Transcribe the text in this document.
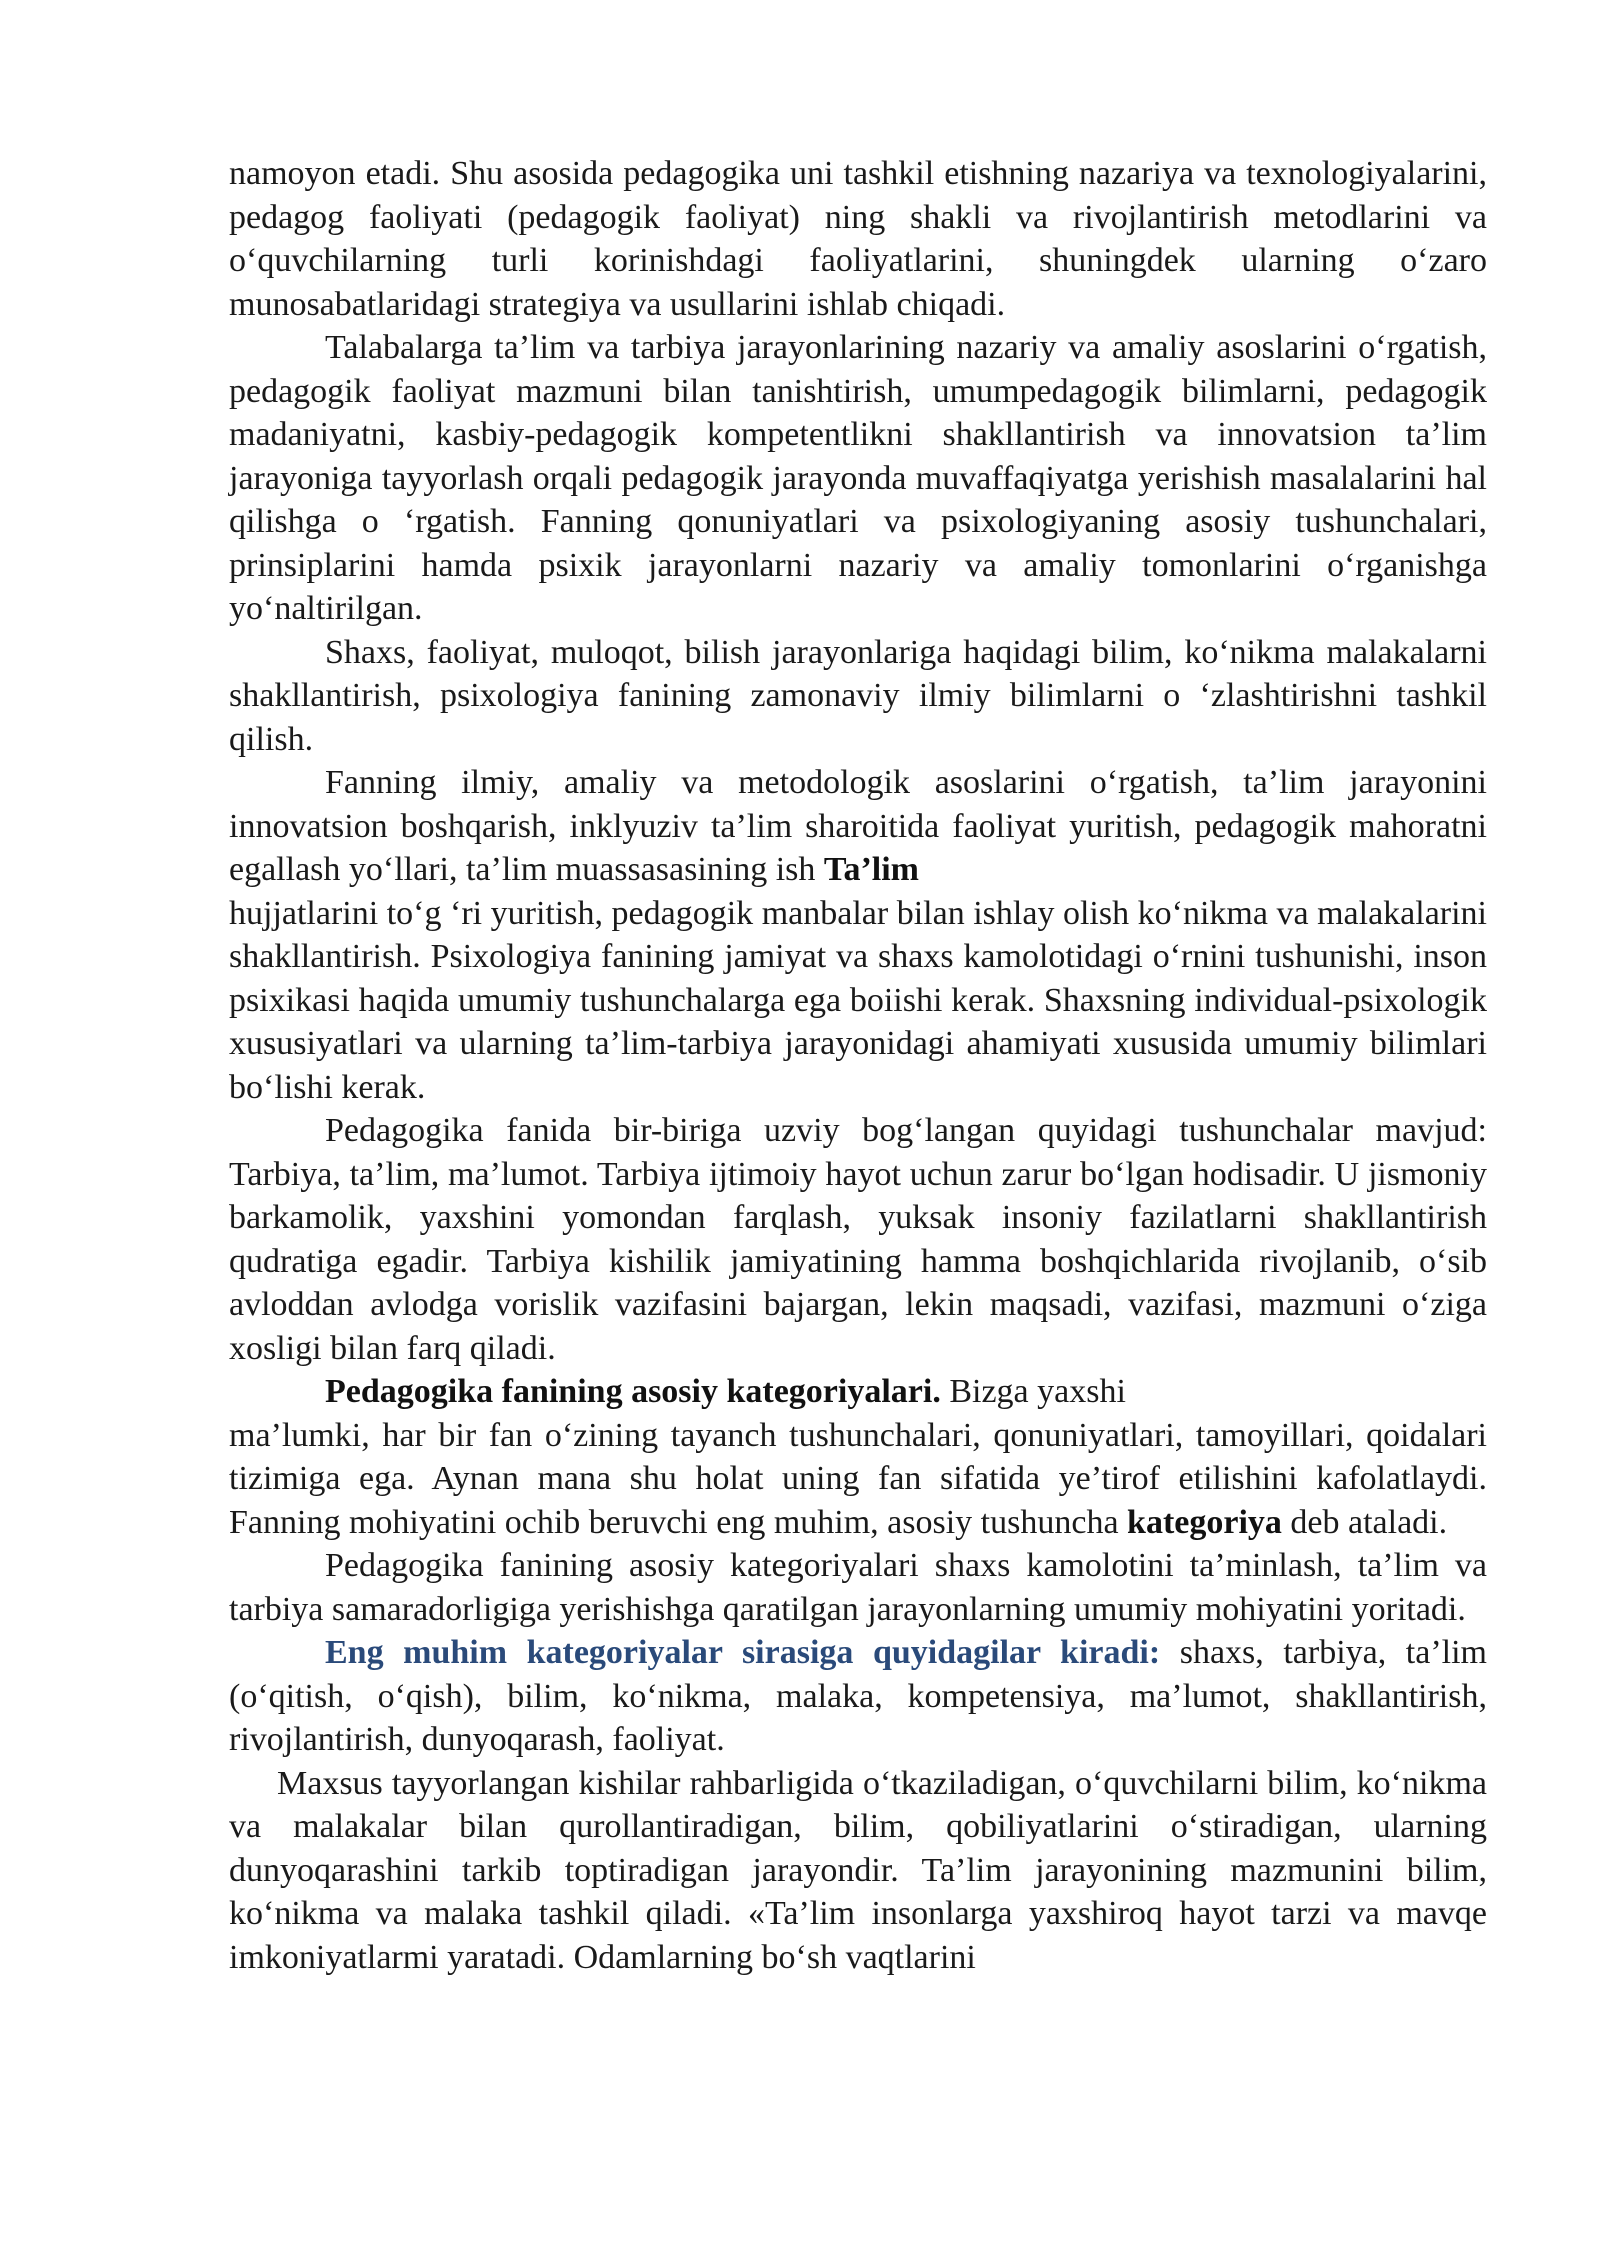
namoyon etadi. Shu asosida pedagogika uni tashkil etishning nazariya va texnologiyalarini, pedagog faoliyati (pedagogik faoliyat) ning shakli va rivojlantirish metodlarini va oʻquvchilarning turli korinishdagi faoliyatlarini, shuningdek ularning oʻzaro munosabatlaridagi strategiya va usullarini ishlab chiqadi.

Talabalarga ta’lim va tarbiya jarayonlarining nazariy va amaliy asoslarini oʻrgatish, pedagogik faoliyat mazmuni bilan tanishtirish, umumpedagogik bilimlarni, pedagogik madaniyatni, kasbiy-pedagogik kompetentlikni shakllantirish va innovatsion ta’lim jarayoniga tayyorlash orqali pedagogik jarayonda muvaffaqiyatga yerishish masalalarini hal qilishga o ‘rgatish. Fanning qonuniyatlari va psixologiyaning asosiy tushunchalari, prinsiplarini hamda psixik jarayonlarni nazariy va amaliy tomonlarini oʻrganishga yoʻnaltirilgan.

Shaxs, faoliyat, muloqot, bilish jarayonlariga haqidagi bilim, koʻnikma malakalarni shakllantirish, psixologiya fanining zamonaviy ilmiy bilimlarni o ‘zlashtirishni tashkil qilish.

Fanning ilmiy, amaliy va metodologik asoslarini oʻrgatish, ta’lim jarayonini innovatsion boshqarish, inklyuziv ta’lim sharoitida faoliyat yuritish, pedagogik mahoratni egallash yoʻllari, ta’lim muassasasining ish Ta’lim

hujjatlarini toʻg ‘ri yuritish, pedagogik manbalar bilan ishlay olish koʻnikma va malakalarini shakllantirish. Psixologiya fanining jamiyat va shaxs kamolotidagi oʻrnini tushunishi, inson psixikasi haqida umumiy tushunchalarga ega boiishi kerak. Shaxsning individual-psixologik xususiyatlari va ularning ta’lim-tarbiya jarayonidagi ahamiyati xususida umumiy bilimlari boʻlishi kerak.

Pedagogika fanida bir-biriga uzviy bogʻlangan quyidagi tushunchalar mavjud: Tarbiya, ta’lim, ma’lumot. Tarbiya ijtimoiy hayot uchun zarur boʻlgan hodisadir. U jismoniy barkamolik, yaxshini yomondan farqlash, yuksak insoniy fazilatlarni shakllantirish qudratiga egadir. Tarbiya kishilik jamiyatining hamma boshqichlarida rivojlanib, oʻsib avloddan avlodga vorislik vazifasini bajargan, lekin maqsadi, vazifasi, mazmuni oʻziga xosligi bilan farq qiladi.

Pedagogika fanining asosiy kategoriyalari. Bizga yaxshi

ma’lumki, har bir fan oʻzining tayanch tushunchalari, qonuniyatlari, tamoyillari, qoidalari tizimiga ega. Aynan mana shu holat uning fan sifatida ye’tirof etilishini kafolatlaydi. Fanning mohiyatini ochib beruvchi eng muhim, asosiy tushuncha kategoriya deb ataladi.

Pedagogika fanining asosiy kategoriyalari shaxs kamolotini ta’minlash, ta’lim va tarbiya samaradorligiga yerishishga qaratilgan jarayonlarning umumiy mohiyatini yoritadi.

Eng muhim kategoriyalar sirasiga quyidagilar kiradi: shaxs, tarbiya, ta’lim (oʻqitish, oʻqish), bilim, koʻnikma, malaka, kompetensiya, ma’lumot, shakllantirish, rivojlantirish, dunyoqarash, faoliyat.

Maxsus tayyorlangan kishilar rahbarligida oʻtkaziladigan, oʻquvchilarni bilim, koʻnikma va malakalar bilan qurollantiradigan, bilim, qobiliyatlarini oʻstiradigan, ularning dunyoqarashini tarkib toptiradigan jarayondir. Ta’lim jarayonining mazmunini bilim, koʻnikma va malaka tashkil qiladi. «Ta’lim insonlarga yaxshiroq hayot tarzi va mavqe imkoniyatlarmi yaratadi. Odamlarning boʻsh vaqtlarini
